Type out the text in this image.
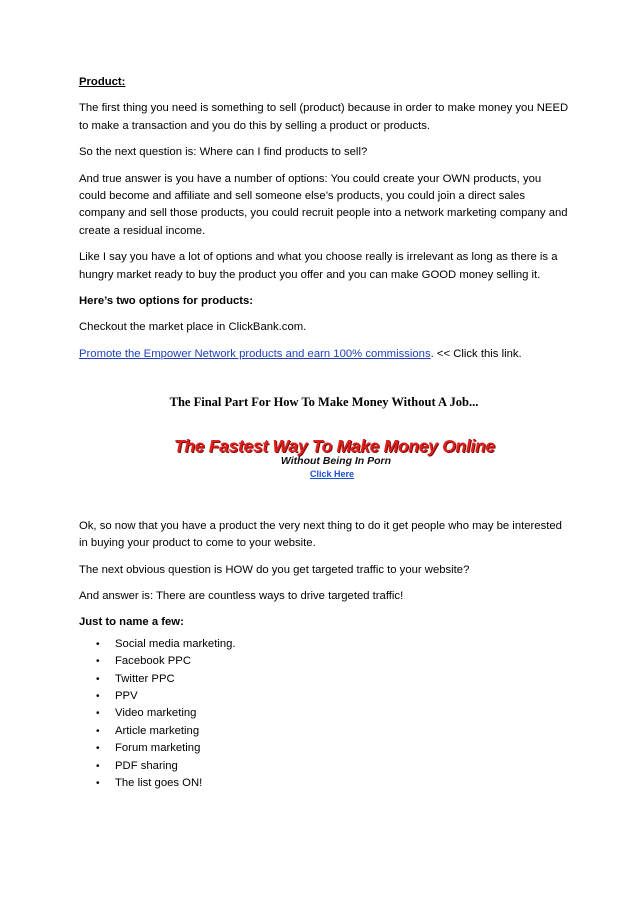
Product:

The first thing you need is something to sell (product) because in order to make money you NEED to make a transaction and you do this by selling a product or products.

So the next question is: Where can I find products to sell?

And true answer is you have a number of options: You could create your OWN products, you could become and affiliate and sell someone else’s products, you could join a direct sales company and sell those products, you could recruit people into a network marketing company and create a residual income.

Like I say you have a lot of options and what you choose really is irrelevant as long as there is a hungry market ready to buy the product you offer and you can make GOOD money selling it.

Here’s two options for products:

Checkout the market place in ClickBank.com.

Promote the Empower Network products and earn 100% commissions. << Click this link.

The Final Part For How To Make Money Without A Job...
The Fastest Way To Make Money Online
Without Being In Porn
Click Here

Ok, so now that you have a product the very next thing to do it get people who may be interested in buying your product to come to your website.

The next obvious question is HOW do you get targeted traffic to your website?

And answer is: There are countless ways to drive targeted traffic!

Just to name a few:

• Social media marketing.
• Facebook PPC
• Twitter PPC
• PPV
• Video marketing
• Article marketing
• Forum marketing
• PDF sharing
• The list goes ON!
